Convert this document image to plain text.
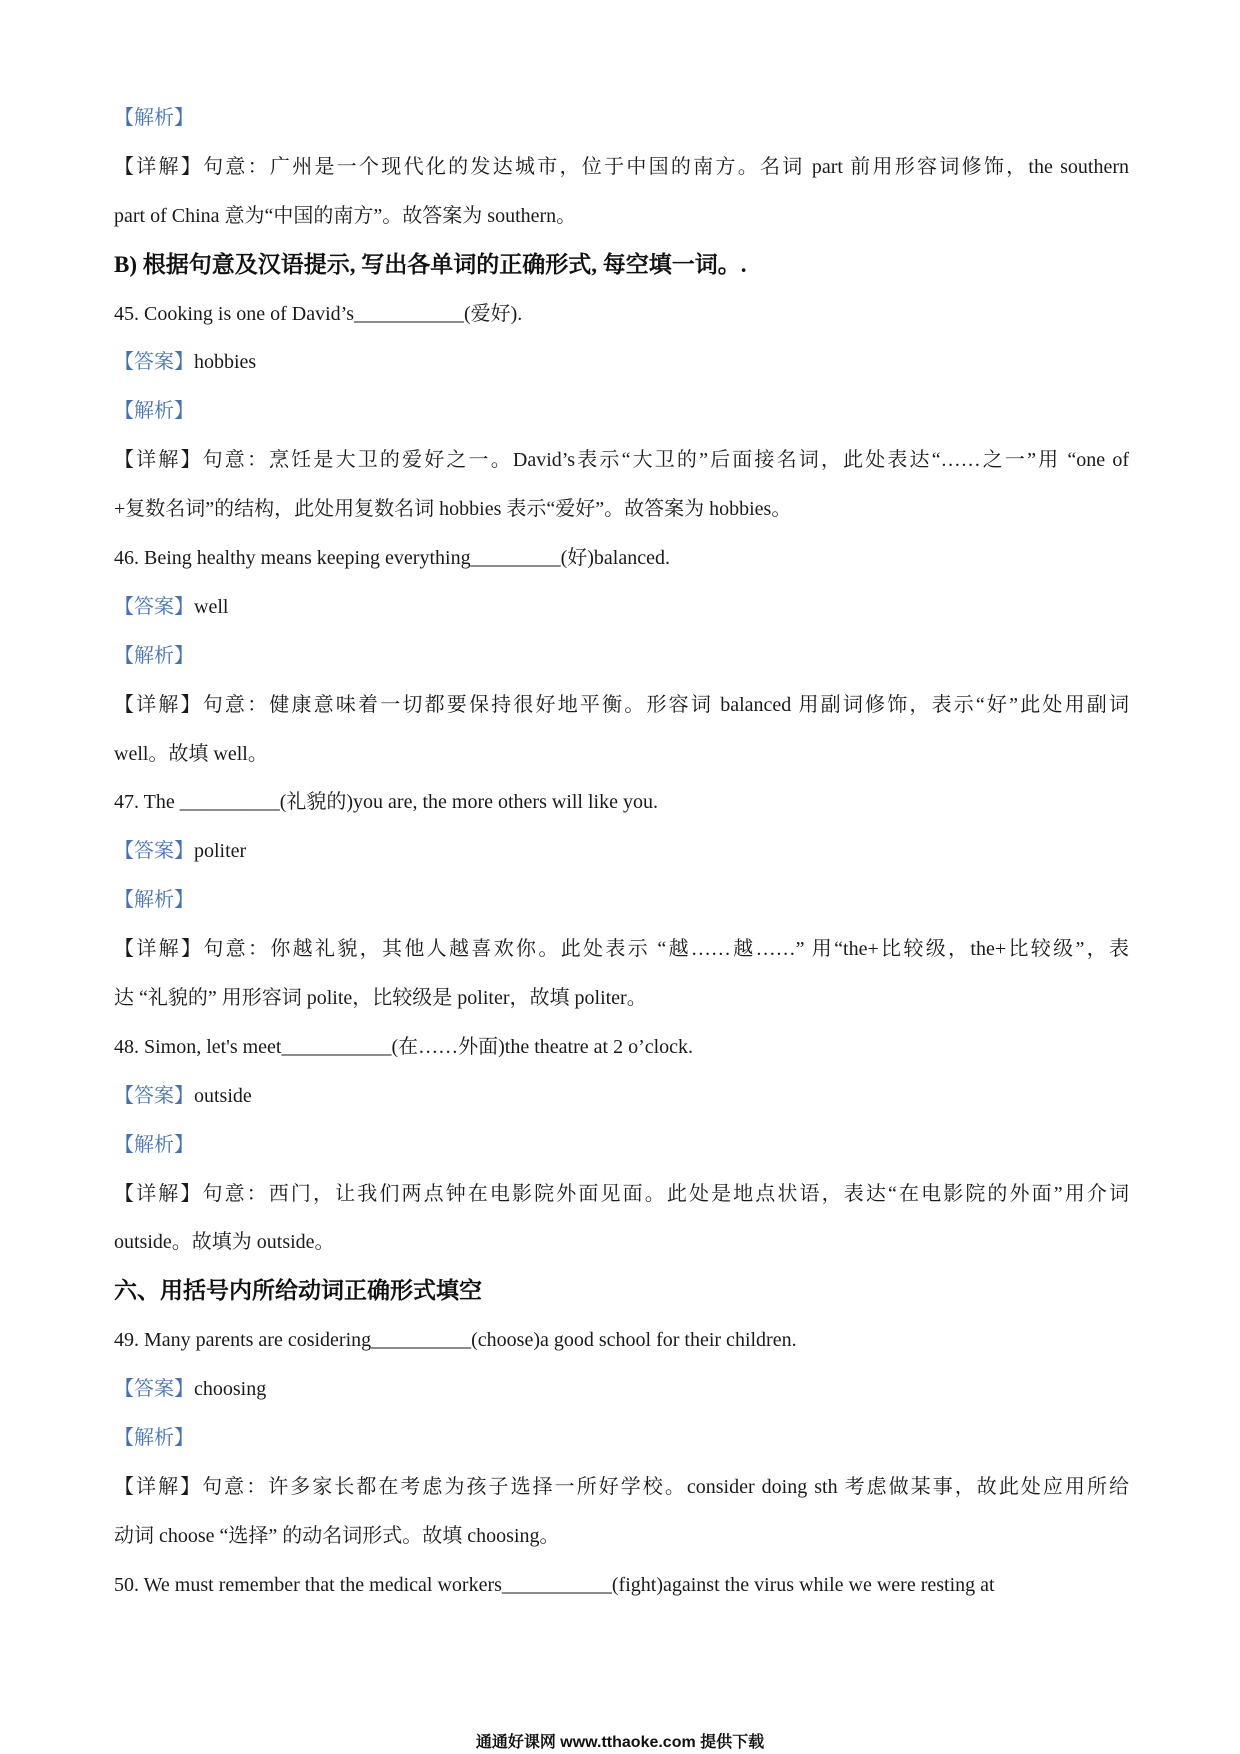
【解析】
【详解】句意：广州是一个现代化的发达城市，位于中国的南方。名词 part 前用形容词修饰，the southern
part of China 意为“中国的南方”。故答案为 southern。
B) 根据句意及汉语提示, 写出各单词的正确形式, 每空填一词。.
45. Cooking is one of David’s___________(爱好).
【答案】hobbies
【解析】
【详解】句意：烹饪是大卫的爱好之一。David’s表示“大卫的”后面接名词，此处表达“……之一”用 “one of
+复数名词”的结构，此处用复数名词 hobbies 表示“爱好”。故答案为 hobbies。
46. Being healthy means keeping everything_________(好)balanced.
【答案】well
【解析】
【详解】句意：健康意味着一切都要保持很好地平衡。形容词 balanced 用副词修饰，表示“好”此处用副词
well。故填 well。
47. The __________(礼貌的)you are, the more others will like you.
【答案】politer
【解析】
【详解】句意：你越礼貌，其他人越喜欢你。此处表示 “越……越……” 用“the+比较级，the+比较级”，表
达 “礼貌的” 用形容词 polite，比较级是 politer，故填 politer。
48. Simon, let's meet___________(在……外面)the theatre at 2 o’clock.
【答案】outside
【解析】
【详解】句意：西门，让我们两点钟在电影院外面见面。此处是地点状语，表达“在电影院的外面”用介词
outside。故填为 outside。
六、用括号内所给动词正确形式填空
49. Many parents are cosidering__________(choose)a good school for their children.
【答案】choosing
【解析】
【详解】句意：许多家长都在考虑为孩子选择一所好学校。consider doing sth 考虑做某事，故此处应用所给
动词 choose “选择” 的动名词形式。故填 choosing。
50. We must remember that the medical workers___________(fight)against the virus while we were resting at
通通好课网 www.tthaoke.com 提供下载
